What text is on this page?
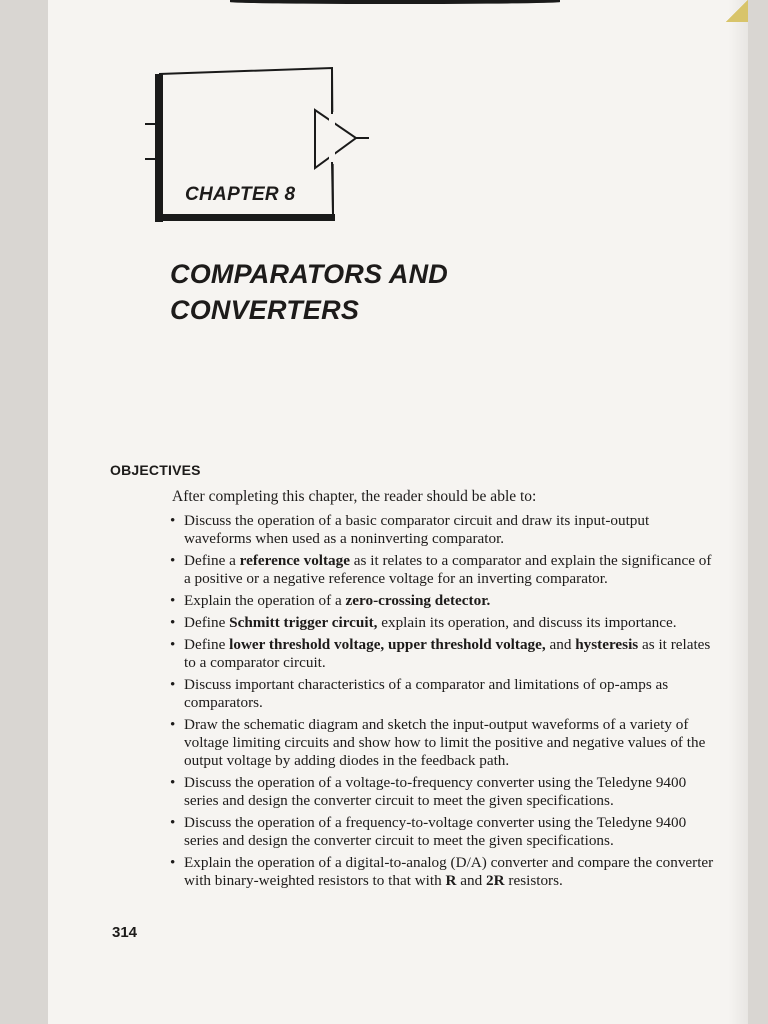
CHAPTER 8
COMPARATORS AND
CONVERTERS
OBJECTIVES
After completing this chapter, the reader should be able to:
• Discuss the operation of a basic comparator circuit and draw its input-output waveforms when used as a noninverting comparator.
• Define a reference voltage as it relates to a comparator and explain the significance of a positive or a negative reference voltage for an inverting comparator.
• Explain the operation of a zero-crossing detector.
• Define Schmitt trigger circuit, explain its operation, and discuss its importance.
• Define lower threshold voltage, upper threshold voltage, and hysteresis as it relates to a comparator circuit.
• Discuss important characteristics of a comparator and limitations of op-amps as comparators.
• Draw the schematic diagram and sketch the input-output waveforms of a variety of voltage limiting circuits and show how to limit the positive and negative values of the output voltage by adding diodes in the feedback path.
• Discuss the operation of a voltage-to-frequency converter using the Teledyne 9400 series and design the converter circuit to meet the given specifications.
• Discuss the operation of a frequency-to-voltage converter using the Teledyne 9400 series and design the converter circuit to meet the given specifications.
• Explain the operation of a digital-to-analog (D/A) converter and compare the converter with binary-weighted resistors to that with R and 2R resistors.
314
